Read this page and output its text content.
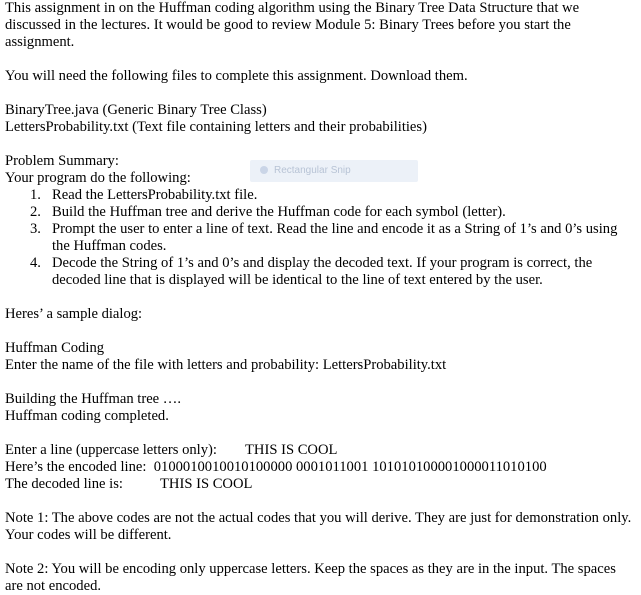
Rectangular Snip

This assignment in on the Huffman coding algorithm using the Binary Tree Data Structure that we

discussed in the lectures. It would be good to review Module 5: Binary Trees before you start the

assignment.

You will need the following files to complete this assignment. Download them.

BinaryTree.java (Generic Binary Tree Class)

LettersProbability.txt (Text file containing letters and their probabilities)

Problem Summary:

Your program do the following:

1. Read the LettersProbability.txt file.
2. Build the Huffman tree and derive the Huffman code for each symbol (letter).
3. Prompt the user to enter a line of text. Read the line and encode it as a String of 1’s and 0’s using
the Huffman codes.
4. Decode the String of 1’s and 0’s and display the decoded text. If your program is correct, the
decoded line that is displayed will be identical to the line of text entered by the user.

Heres’ a sample dialog:

Huffman Coding

Enter the name of the file with letters and probability: LettersProbability.txt

Building the Huffman tree ….

Huffman coding completed.

Enter a line (uppercase letters only): THIS IS COOL

Here’s the encoded line: 0100010010010100000 0001011001 101010100001000011010100

The decoded line is:	THIS IS COOL

Note 1: The above codes are not the actual codes that you will derive. They are just for demonstration only.

Your codes will be different.

Note 2: You will be encoding only uppercase letters. Keep the spaces as they are in the input. The spaces

are not encoded.
